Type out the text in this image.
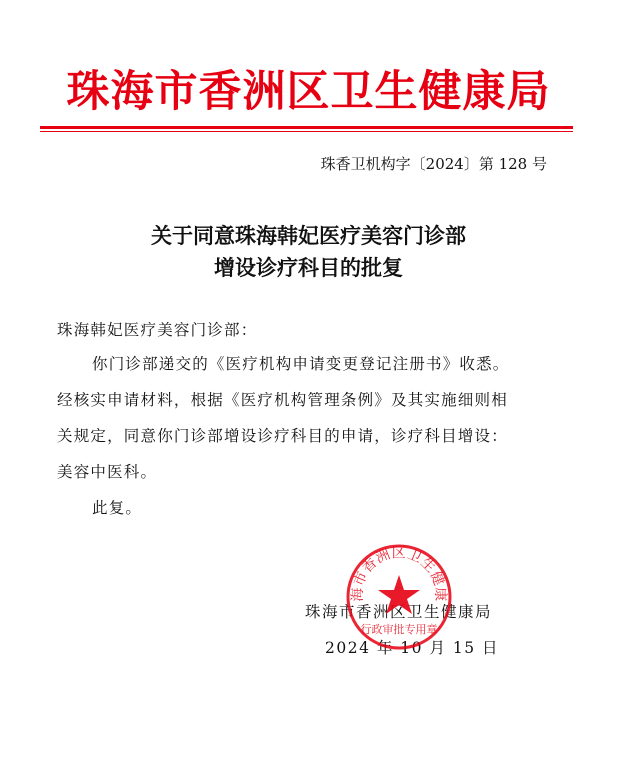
珠海市香洲区卫生健康局
珠香卫机构字〔2024〕第 128 号
关于同意珠海韩妃医疗美容门诊部
增设诊疗科目的批复
珠海韩妃医疗美容门诊部：
你门诊部递交的《医疗机构申请变更登记注册书》收悉。
经核实申请材料，根据《医疗机构管理条例》及其实施细则相
关规定，同意你门诊部增设诊疗科目的申请，诊疗科目增设：
美容中医科。
此复。
珠海市香洲区卫生健康局
2024 年 10 月 15 日
海市香洲区卫生健康
行政审批专用章
